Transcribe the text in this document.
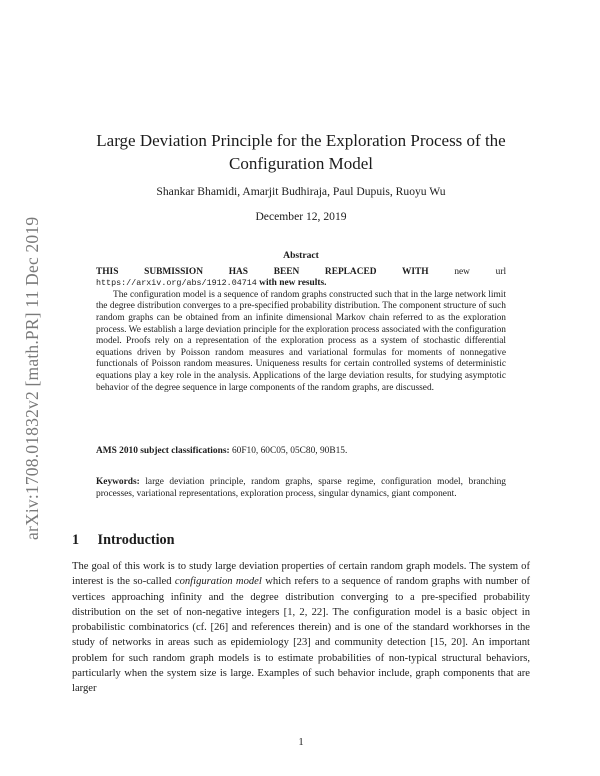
arXiv:1708.01832v2 [math.PR] 11 Dec 2019
Large Deviation Principle for the Exploration Process of the Configuration Model
Shankar Bhamidi, Amarjit Budhiraja, Paul Dupuis, Ruoyu Wu
December 12, 2019
Abstract
THIS	SUBMISSION	HAS	BEEN	REPLACED	WITH	new	url
https://arxiv.org/abs/1912.04714 with new results.

The configuration model is a sequence of random graphs constructed such that in the large network limit the degree distribution converges to a pre-specified probability distribution. The component structure of such random graphs can be obtained from an infinite dimensional Markov chain referred to as the exploration process. We establish a large deviation principle for the exploration process associated with the configuration model. Proofs rely on a representation of the exploration process as a system of stochastic differential equations driven by Poisson random measures and variational formulas for moments of nonnegative functionals of Poisson random measures. Uniqueness results for certain controlled systems of deterministic equations play a key role in the analysis. Applications of the large deviation results, for studying asymptotic behavior of the degree sequence in large components of the random graphs, are discussed.

AMS 2010 subject classifications: 60F10, 60C05, 05C80, 90B15.
Keywords: large deviation principle, random graphs, sparse regime, configuration model, branching processes, variational representations, exploration process, singular dynamics, giant component.
1 Introduction

The goal of this work is to study large deviation properties of certain random graph models. The system of interest is the so-called configuration model which refers to a sequence of random graphs with number of vertices approaching infinity and the degree distribution converging to a pre-specified probability distribution on the set of non-negative integers [1, 2, 22]. The configuration model is a basic object in probabilistic combinatorics (cf. [26] and references therein) and is one of the standard workhorses in the study of networks in areas such as epidemiology [23] and community detection [15, 20]. An important problem for such random graph models is to estimate probabilities of non-typical structural behaviors, particularly when the system size is large. Examples of such behavior include, graph components that are larger

1
